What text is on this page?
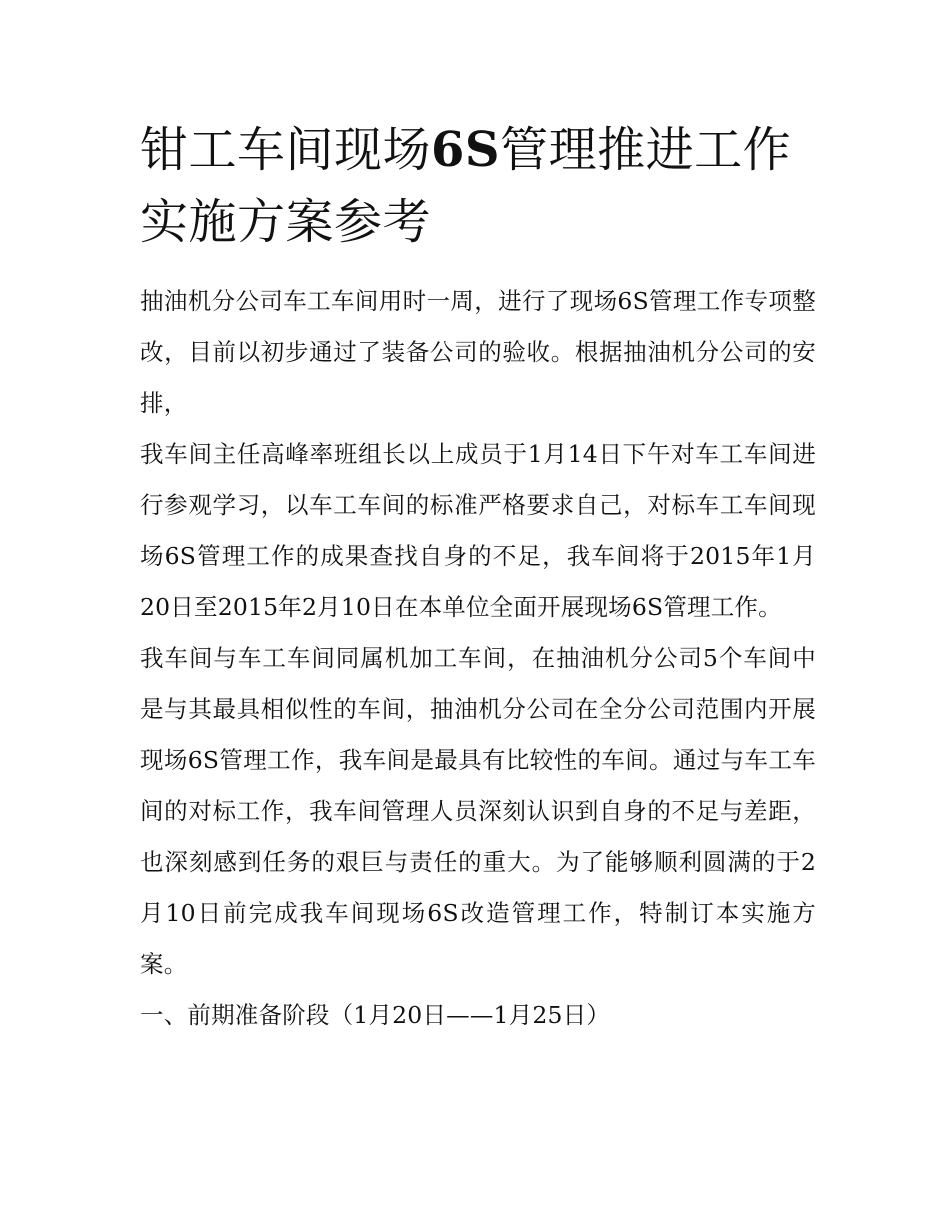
钳工车间现场6S管理推进工作实施方案参考

抽油机分公司车工车间用时一周，进行了现场6S管理工作专项整改，目前以初步通过了装备公司的验收。根据抽油机分公司的安排，

我车间主任高峰率班组长以上成员于1月14日下午对车工车间进行参观学习，以车工车间的标准严格要求自己，对标车工车间现场6S管理工作的成果查找自身的不足，我车间将于2015年1月20日至2015年2月10日在本单位全面开展现场6S管理工作。

我车间与车工车间同属机加工车间，在抽油机分公司5个车间中是与其最具相似性的车间，抽油机分公司在全分公司范围内开展现场6S管理工作，我车间是最具有比较性的车间。通过与车工车间的对标工作，我车间管理人员深刻认识到自身的不足与差距，也深刻感到任务的艰巨与责任的重大。为了能够顺利圆满的于2月10日前完成我车间现场6S改造管理工作，特制订本实施方案。

一、前期准备阶段（1月20日——1月25日）
